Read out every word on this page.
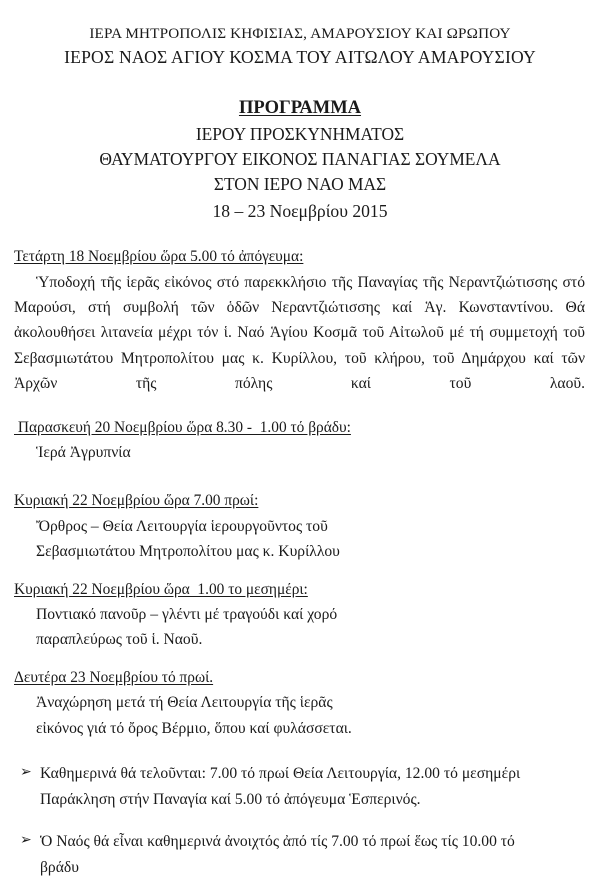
ΙΕΡΑ ΜΗΤΡΟΠΟΛΙΣ ΚΗΦΙΣΙΑΣ, ΑΜΑΡΟΥΣΙΟΥ ΚΑΙ ΩΡΩΠΟΥ
ΙΕΡΟΣ ΝΑΟΣ ΑΓΙΟΥ ΚΟΣΜΑ ΤΟΥ ΑΙΤΩΛΟΥ ΑΜΑΡΟΥΣΙΟΥ
ΠΡΟΓΡΑΜΜΑ
ΙΕΡΟΥ ΠΡΟΣΚΥΝΗΜΑΤΟΣ
ΘΑΥΜΑΤΟΥΡΓΟΥ ΕΙΚΟΝΟΣ ΠΑΝΑΓΙΑΣ ΣΟΥΜΕΛΑ
ΣΤΟΝ ΙΕΡΟ ΝΑΟ ΜΑΣ
18 – 23 Νοεμβρίου 2015
Τετάρτη 18 Νοεμβρίου ὥρα 5.00 τό ἀπόγευμα:
Ὑποδοχή τῆς ἱερᾶς εἰκόνος στό παρεκκλήσιο τῆς Παναγίας τῆς Νεραντζιώτισσης στό Μαρούσι, στή συμβολή τῶν ὁδῶν Νεραντζιώτισσης καί Ἁγ. Κωνσταντίνου. Θά ἀκολουθήσει λιτανεία μέχρι τόν ἱ. Ναό Ἁγίου Κοσμᾶ τοῦ Αἰτωλοῦ μέ τή συμμετοχή τοῦ Σεβασμιωτάτου Μητροπολίτου μας κ. Κυρίλλου, τοῦ κλήρου, τοῦ Δημάρχου καί τῶν Ἀρχῶν τῆς πόλης καί τοῦ λαοῦ.
Παρασκευή 20 Νοεμβρίου ὥρα 8.30 -  1.00 τό βράδυ:
Ἱερά Ἀγρυπνία
Κυριακή 22 Νοεμβρίου ὥρα 7.00 πρωί:
Ὄρθρος – Θεία Λειτουργία ἱερουργοῦντος τοῦ
Σεβασμιωτάτου Μητροπολίτου μας κ. Κυρίλλου
Κυριακή 22 Νοεμβρίου ὥρα  1.00 το μεσημέρι:
Ποντιακό πανοῦρ – γλέντι μέ τραγούδι καί χορό
παραπλεύρως τοῦ ἱ. Ναοῦ.
Δευτέρα 23 Νοεμβρίου τό πρωί.
Ἀναχώρηση μετά τή Θεία Λειτουργία τῆς ἱερᾶς
εἰκόνος γιά τό ὄρος Βέρμιο, ὅπου καί φυλάσσεται.
➢ Καθημερινά θά τελοῦνται: 7.00 τό πρωί Θεία Λειτουργία, 12.00 τό μεσημέρι
Παράκληση στήν Παναγία καί 5.00 τό ἀπόγευμα Ἑσπερινός.
➢ Ὁ Ναός θά εἶναι καθημερινά ἀνοιχτός ἀπό τίς 7.00 τό πρωί ἕως τίς 10.00 τό
βράδυ
